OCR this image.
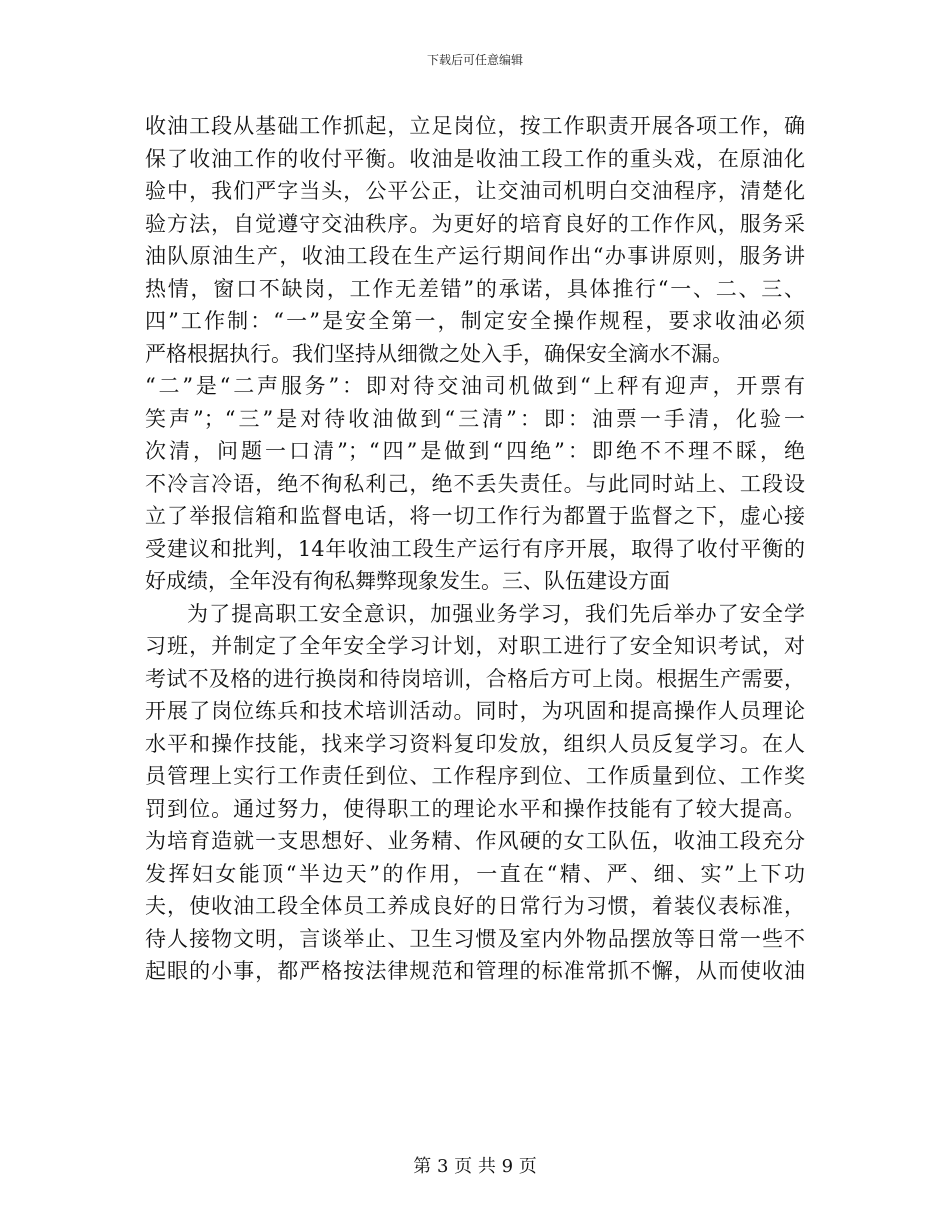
下载后可任意编辑
收油工段从基础工作抓起，立足岗位，按工作职责开展各项工作，确
保了收油工作的收付平衡。收油是收油工段工作的重头戏，在原油化
验中，我们严字当头，公平公正，让交油司机明白交油程序，清楚化
验方法，自觉遵守交油秩序。为更好的培育良好的工作作风，服务采
油队原油生产，收油工段在生产运行期间作出“办事讲原则，服务讲
热情，窗口不缺岗，工作无差错”的承诺，具体推行“一、二、三、
四”工作制：“一”是安全第一，制定安全操作规程，要求收油必须
严格根据执行。我们坚持从细微之处入手，确保安全滴水不漏。
“二”是“二声服务”：即对待交油司机做到“上秤有迎声，开票有
笑声”；“三”是对待收油做到“三清”：即：油票一手清，化验一
次清，问题一口清”；“四”是做到“四绝”：即绝不不理不睬，绝
不冷言冷语，绝不徇私利己，绝不丢失责任。与此同时站上、工段设
立了举报信箱和监督电话，将一切工作行为都置于监督之下，虚心接
受建议和批判，14年收油工段生产运行有序开展，取得了收付平衡的
好成绩，全年没有徇私舞弊现象发生。三、队伍建设方面
为了提高职工安全意识，加强业务学习，我们先后举办了安全学
习班，并制定了全年安全学习计划，对职工进行了安全知识考试，对
考试不及格的进行换岗和待岗培训，合格后方可上岗。根据生产需要，
开展了岗位练兵和技术培训活动。同时，为巩固和提高操作人员理论
水平和操作技能，找来学习资料复印发放，组织人员反复学习。在人
员管理上实行工作责任到位、工作程序到位、工作质量到位、工作奖
罚到位。通过努力，使得职工的理论水平和操作技能有了较大提高。
为培育造就一支思想好、业务精、作风硬的女工队伍，收油工段充分
发挥妇女能顶“半边天”的作用，一直在“精、严、细、实”上下功
夫，使收油工段全体员工养成良好的日常行为习惯，着装仪表标准，
待人接物文明，言谈举止、卫生习惯及室内外物品摆放等日常一些不
起眼的小事，都严格按法律规范和管理的标准常抓不懈，从而使收油
第 3 页 共 9 页
